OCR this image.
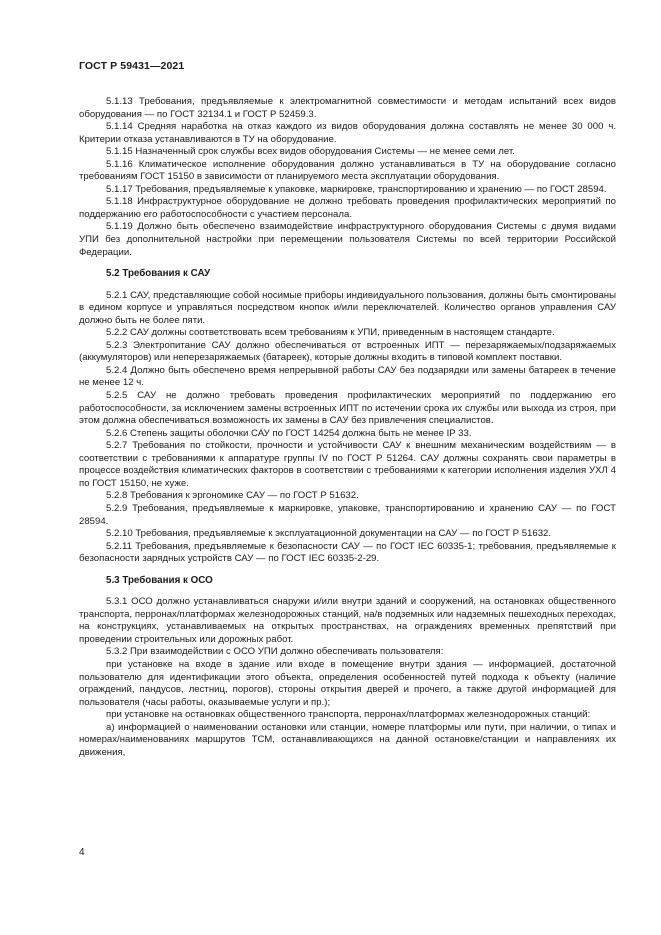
ГОСТ Р 59431—2021

5.1.13 Требования, предъявляемые к электромагнитной совместимости и методам испытаний всех видов оборудования — по ГОСТ 32134.1 и ГОСТ Р 52459.3.

5.1.14 Средняя наработка на отказ каждого из видов оборудования должна составлять не менее 30 000 ч. Критерии отказа устанавливаются в ТУ на оборудование.

5.1.15 Назначенный срок службы всех видов оборудования Системы — не менее семи лет.

5.1.16 Климатическое исполнение оборудования должно устанавливаться в ТУ на оборудование согласно требованиям ГОСТ 15150 в зависимости от планируемого места эксплуатации оборудования.

5.1.17 Требования, предъявляемые к упаковке, маркировке, транспортированию и хранению — по ГОСТ 28594.

5.1.18 Инфраструктурное оборудование не должно требовать проведения профилактических мероприятий по поддержанию его работоспособности с участием персонала.

5.1.19 Должно быть обеспечено взаимодействие инфраструктурного оборудования Системы с двумя видами УПИ без дополнительной настройки при перемещении пользователя Системы по всей территории Российской Федерации.

5.2 Требования к САУ

5.2.1 САУ, представляющие собой носимые приборы индивидуального пользования, должны быть смонтированы в едином корпусе и управляться посредством кнопок и/или переключателей. Количество органов управления САУ должно быть не более пяти.

5.2.2 САУ должны соответствовать всем требованиям к УПИ, приведенным в настоящем стандарте.

5.2.3 Электропитание САУ должно обеспечиваться от встроенных ИПТ — перезаряжаемых/подзаряжаемых (аккумуляторов) или неперезаряжаемых (батареек), которые должны входить в типовой комплект поставки.

5.2.4 Должно быть обеспечено время непрерывной работы САУ без подзарядки или замены батареек в течение не менее 12 ч.

5.2.5 САУ не должно требовать проведения профилактических мероприятий по поддержанию его работоспособности, за исключением замены встроенных ИПТ по истечении срока их службы или выхода из строя, при этом должна обеспечиваться возможность их замены в САУ без привлечения специалистов.

5.2.6 Степень защиты оболочки САУ по ГОСТ 14254 должна быть не менее IP 33.

5.2.7 Требования по стойкости, прочности и устойчивости САУ к внешним механическим воздействиям — в соответствии с требованиями к аппаратуре группы IV по ГОСТ Р 51264. САУ должны сохранять свои параметры в процессе воздействия климатических факторов в соответствии с требованиями к категории исполнения изделия УХЛ 4 по ГОСТ 15150, не хуже.

5.2.8 Требования к эргономике САУ — по ГОСТ Р 51632.

5.2.9 Требования, предъявляемые к маркировке, упаковке, транспортированию и хранению САУ — по ГОСТ 28594.

5.2.10 Требования, предъявляемые к эксплуатационной документации на САУ — по ГОСТ Р 51632.

5.2.11 Требования, предъявляемые к безопасности САУ — по ГОСТ IEC 60335-1; требования, предъявляемые к безопасности зарядных устройств САУ — по ГОСТ IEC 60335-2-29.

5.3 Требования к ОСО

5.3.1 ОСО должно устанавливаться снаружи и/или внутри зданий и сооружений, на остановках общественного транспорта, перронах/платформах железнодорожных станций, на/в подземных или надземных пешеходных переходах, на конструкциях, устанавливаемых на открытых пространствах, на ограждениях временных препятствий при проведении строительных или дорожных работ.

5.3.2 При взаимодействии с ОСО УПИ должно обеспечивать пользователя:

при установке на входе в здание или входе в помещение внутри здания — информацией, достаточной пользователю для идентификации этого объекта, определения особенностей путей подхода к объекту (наличие ограждений, пандусов, лестниц, порогов), стороны открытия дверей и прочего, а также другой информацией для пользователя (часы работы, оказываемые услуги и пр.);

при установке на остановках общественного транспорта, перронах/платформах железнодорожных станций:

а) информацией о наименовании остановки или станции, номере платформы или пути, при наличии, о типах и номерах/наименованиях маршрутов ТСМ, останавливающихся на данной остановке/станции и направлениях их движения,

4
